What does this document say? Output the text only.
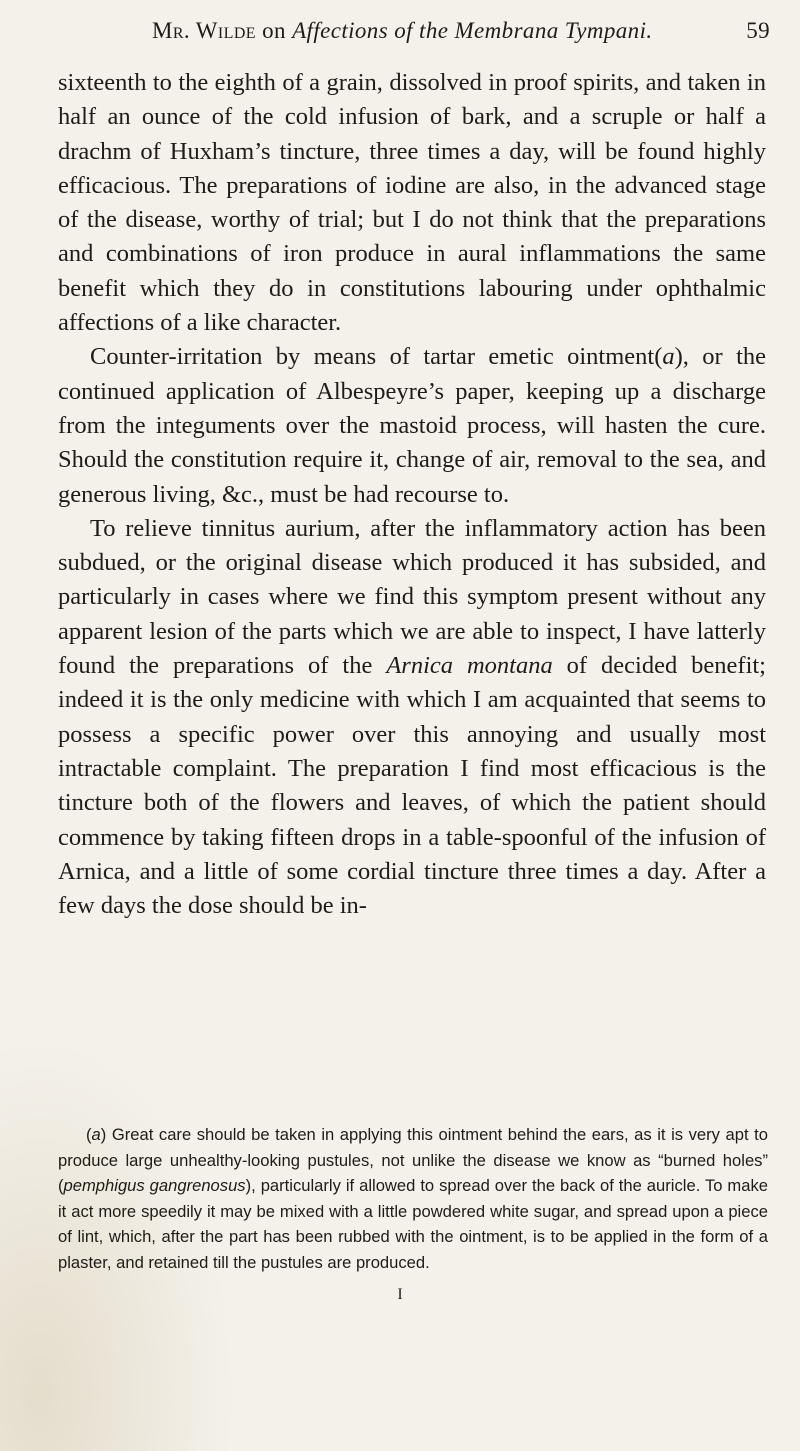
Mr. Wilde on Affections of the Membrana Tympani.	59

sixteenth to the eighth of a grain, dissolved in proof spirits, and taken in half an ounce of the cold infusion of bark, and a scruple or half a drachm of Huxham’s tincture, three times a day, will be found highly efficacious. The preparations of iodine are also, in the advanced stage of the disease, worthy of trial; but I do not think that the preparations and combinations of iron produce in aural inflammations the same benefit which they do in constitutions labouring under ophthalmic affections of a like character.

Counter-irritation by means of tartar emetic ointment(a), or the continued application of Albespeyre’s paper, keeping up a discharge from the integuments over the mastoid process, will hasten the cure. Should the constitution require it, change of air, removal to the sea, and generous living, &c., must be had recourse to.

To relieve tinnitus aurium, after the inflammatory action has been subdued, or the original disease which produced it has subsided, and particularly in cases where we find this symptom present without any apparent lesion of the parts which we are able to inspect, I have latterly found the preparations of the Arnica montana of decided benefit; indeed it is the only medicine with which I am acquainted that seems to possess a specific power over this annoying and usually most intractable complaint. The preparation I find most efficacious is the tincture both of the flowers and leaves, of which the patient should commence by taking fifteen drops in a table-spoonful of the infusion of Arnica, and a little of some cordial tincture three times a day. After a few days the dose should be in-

(a) Great care should be taken in applying this ointment behind the ears, as it is very apt to produce large unhealthy-looking pustules, not unlike the disease we know as “burned holes” (pemphigus gangrenosus), particularly if allowed to spread over the back of the auricle. To make it act more speedily it may be mixed with a little powdered white sugar, and spread upon a piece of lint, which, after the part has been rubbed with the ointment, is to be applied in the form of a plaster, and retained till the pustules are produced.
I
